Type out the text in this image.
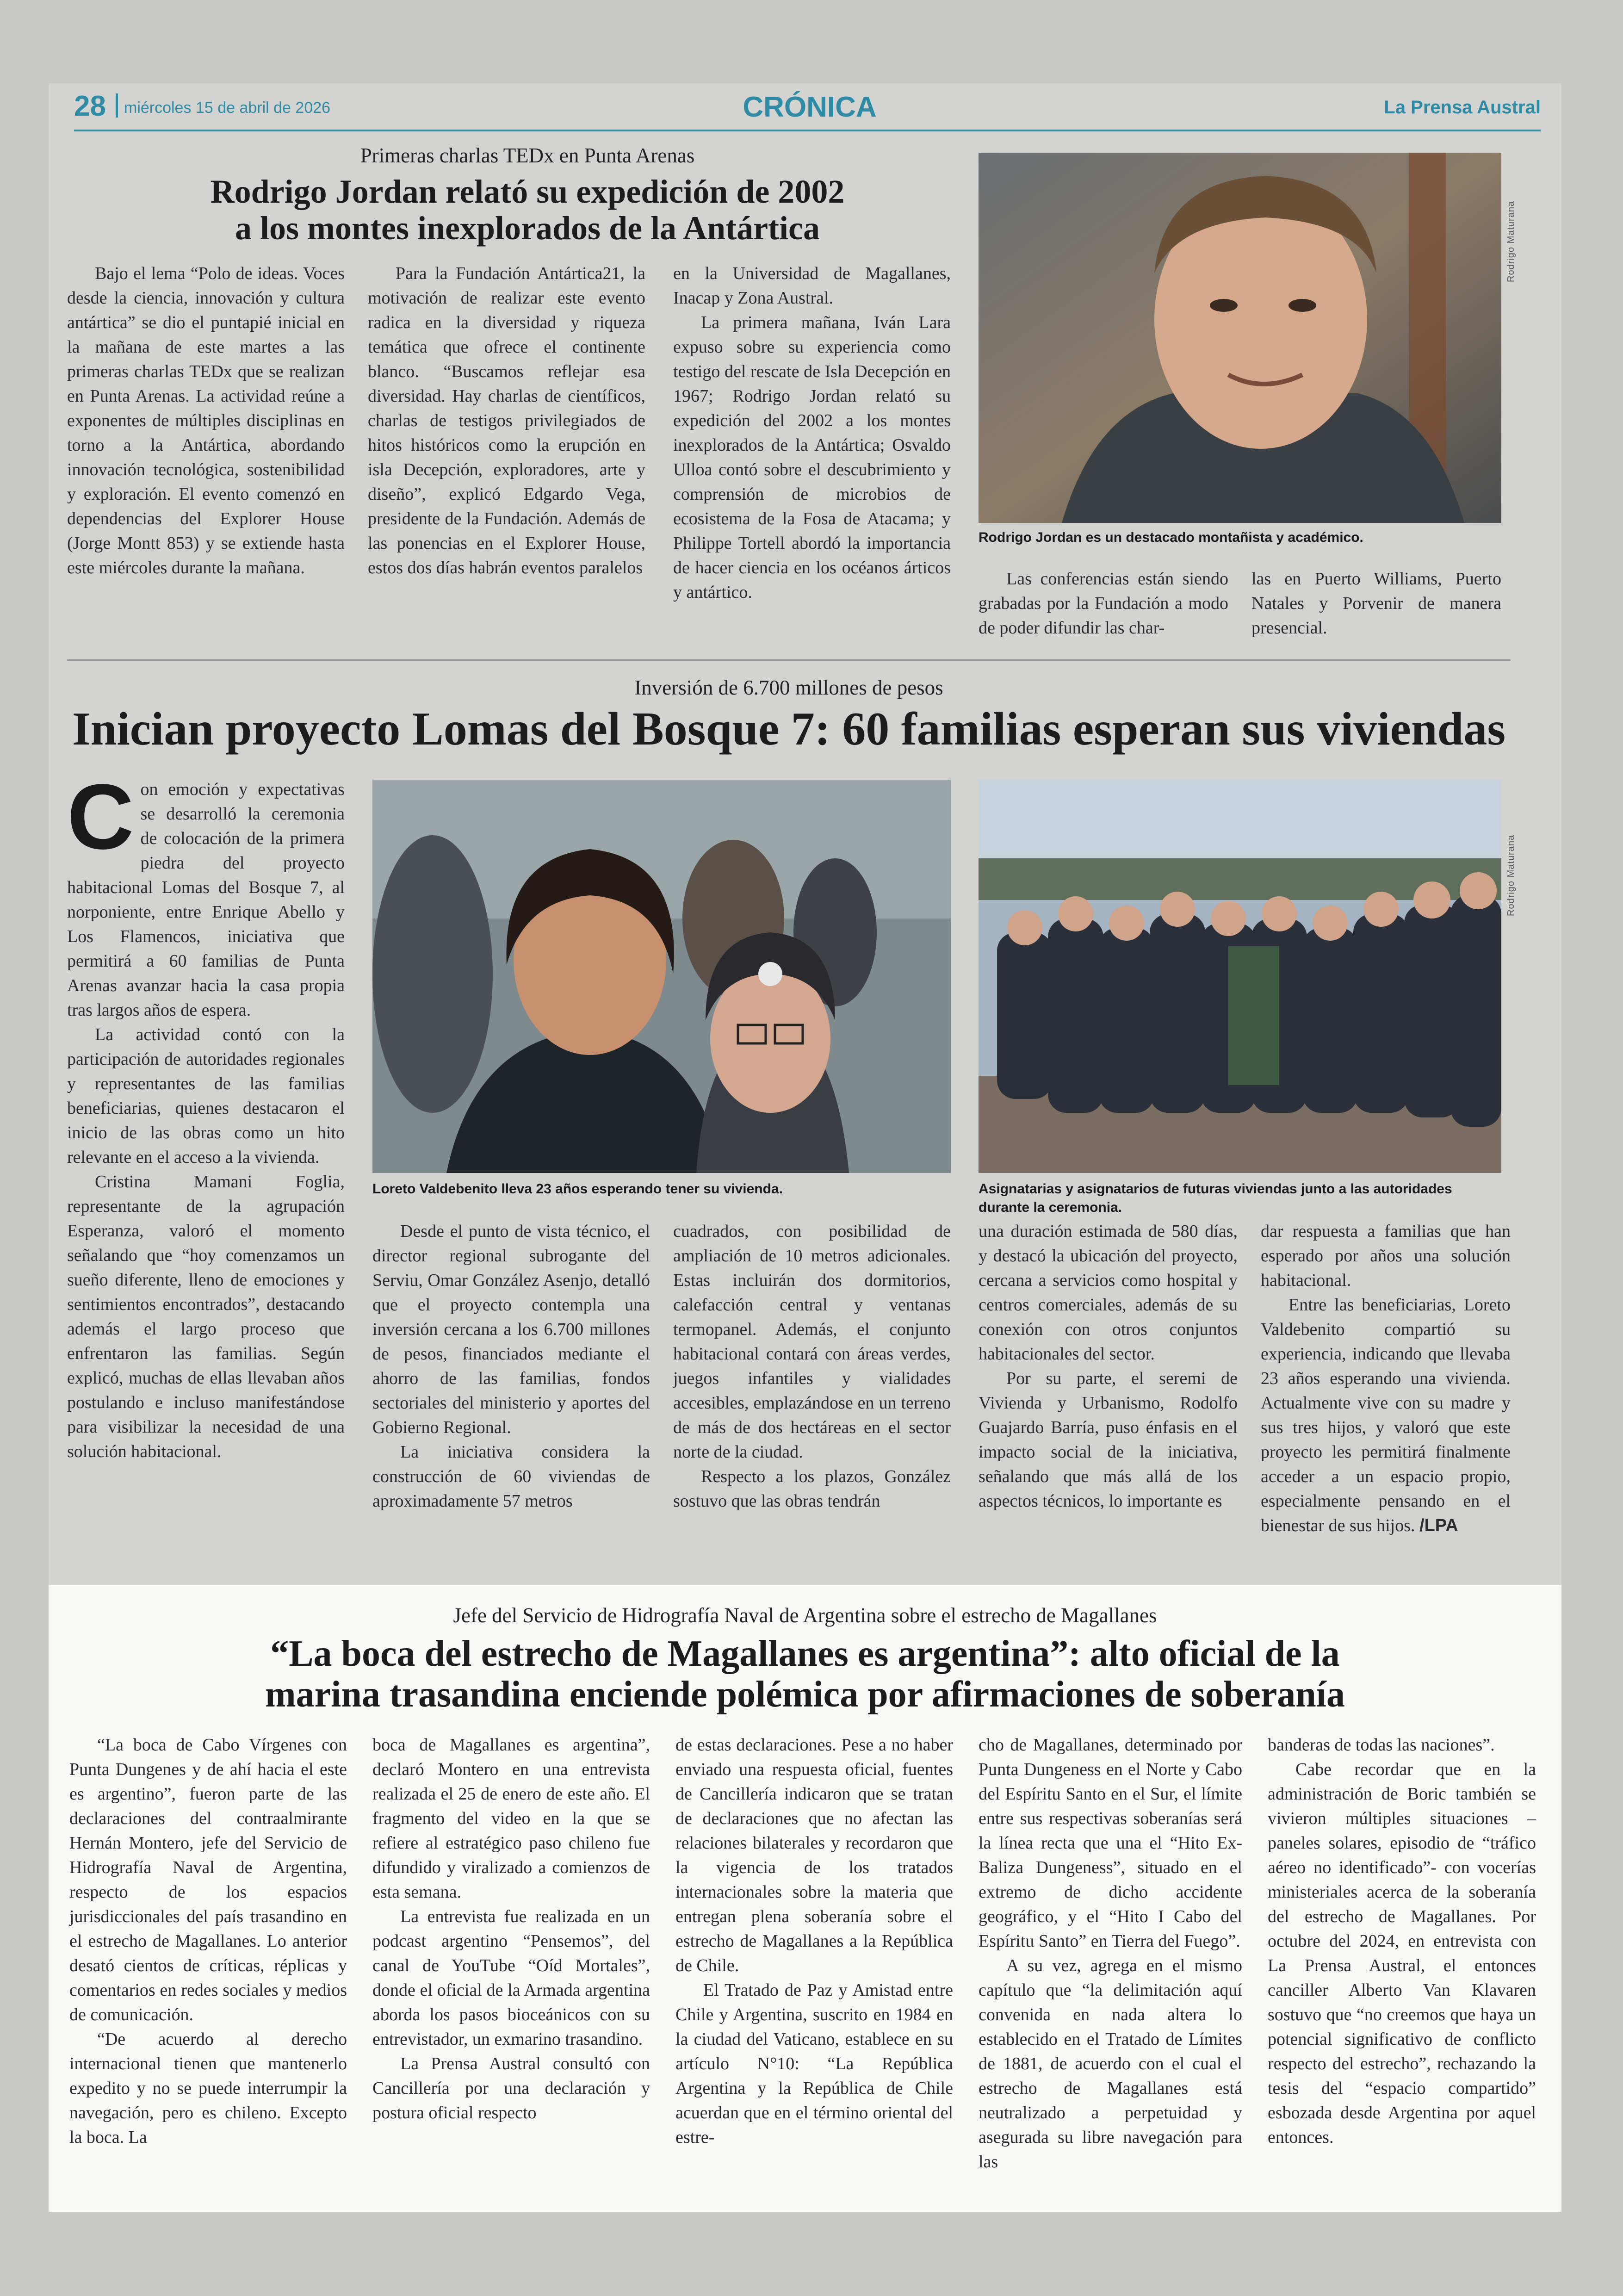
28 miércoles 15 de abril de 2026	CRÓNICA	La Prensa Austral
Primeras charlas TEDx en Punta Arenas
Rodrigo Jordan relató su expedición de 2002
a los montes inexplorados de la Antártica

Bajo el lema “Polo de ideas. Voces desde la ciencia, innovación y cultura antártica” se dio el puntapié inicial en la mañana de este martes a las primeras charlas TEDx que se realizan en Punta Arenas. La actividad reúne a exponentes de múltiples disciplinas en torno a la Antártica, abordando innovación tecnológica, sostenibilidad y exploración. El evento comenzó en dependencias del Explorer House (Jorge Montt 853) y se extiende hasta este miércoles durante la mañana.

Para la Fundación Antártica21, la motivación de realizar este evento radica en la diversidad y riqueza temática que ofrece el continente blanco. “Buscamos reflejar esa diversidad. Hay charlas de científicos, charlas de testigos privilegiados de hitos históricos como la erupción en isla Decepción, exploradores, arte y diseño”, explicó Edgardo Vega, presidente de la Fundación. Además de las ponencias en el Explorer House, estos dos días habrán eventos paralelos

en la Universidad de Magallanes, Inacap y Zona Austral.

La primera mañana, Iván Lara expuso sobre su experiencia como testigo del rescate de Isla Decepción en 1967; Rodrigo Jordan relató su expedición del 2002 a los montes inexplorados de la Antártica; Osvaldo Ulloa contó sobre el descubrimiento y comprensión de microbios de ecosistema de la Fosa de Atacama; y Philippe Tortell abordó la importancia de hacer ciencia en los océanos árticos y antártico.

Rodrigo Maturana
Rodrigo Jordan es un destacado montañista y académico.

Las conferencias están siendo grabadas por la Fundación a modo de poder difundir las char-

las en Puerto Williams, Puerto Natales y Porvenir de manera presencial.

Inversión de 6.700 millones de pesos
Inician proyecto Lomas del Bosque 7: 60 familias esperan sus viviendas

Con emoción y expectativas se desarrolló la ceremonia de colocación de la primera piedra del proyecto habitacional Lomas del Bosque 7, al norponiente, entre Enrique Abello y Los Flamencos, iniciativa que permitirá a 60 familias de Punta Arenas avanzar hacia la casa propia tras largos años de espera.

La actividad contó con la participación de autoridades regionales y representantes de las familias beneficiarias, quienes destacaron el inicio de las obras como un hito relevante en el acceso a la vivienda.

Cristina Mamani Foglia, representante de la agrupación Esperanza, valoró el momento señalando que “hoy comenzamos un sueño diferente, lleno de emociones y sentimientos encontrados”, destacando además el largo proceso que enfrentaron las familias. Según explicó, muchas de ellas llevaban años postulando e incluso manifestándose para visibilizar la necesidad de una solución habitacional.

Loreto Valdebenito lleva 23 años esperando tener su vivienda.
Rodrigo Maturana
Asignatarias y asignatarios de futuras viviendas junto a las autoridades durante la ceremonia.

Desde el punto de vista técnico, el director regional subrogante del Serviu, Omar González Asenjo, detalló que el proyecto contempla una inversión cercana a los 6.700 millones de pesos, financiados mediante el ahorro de las familias, fondos sectoriales del ministerio y aportes del Gobierno Regional.

La iniciativa considera la construcción de 60 viviendas de aproximadamente 57 metros

cuadrados, con posibilidad de ampliación de 10 metros adicionales. Estas incluirán dos dormitorios, calefacción central y ventanas termopanel. Además, el conjunto habitacional contará con áreas verdes, juegos infantiles y vialidades accesibles, emplazándose en un terreno de más de dos hectáreas en el sector norte de la ciudad.

Respecto a los plazos, González sostuvo que las obras tendrán

una duración estimada de 580 días, y destacó la ubicación del proyecto, cercana a servicios como hospital y centros comerciales, además de su conexión con otros conjuntos habitacionales del sector.

Por su parte, el seremi de Vivienda y Urbanismo, Rodolfo Guajardo Barría, puso énfasis en el impacto social de la iniciativa, señalando que más allá de los aspectos técnicos, lo importante es

dar respuesta a familias que han esperado por años una solución habitacional.

Entre las beneficiarias, Loreto Valdebenito compartió su experiencia, indicando que llevaba 23 años esperando una vivienda. Actualmente vive con su madre y sus tres hijos, y valoró que este proyecto les permitirá finalmente acceder a un espacio propio, especialmente pensando en el bienestar de sus hijos. /LPA

Jefe del Servicio de Hidrografía Naval de Argentina sobre el estrecho de Magallanes
“La boca del estrecho de Magallanes es argentina”: alto oficial de la
marina trasandina enciende polémica por afirmaciones de soberanía

“La boca de Cabo Vírgenes con Punta Dungenes y de ahí hacia el este es argentino”, fueron parte de las declaraciones del contraalmirante Hernán Montero, jefe del Servicio de Hidrografía Naval de Argentina, respecto de los espacios jurisdiccionales del país trasandino en el estrecho de Magallanes. Lo anterior desató cientos de críticas, réplicas y comentarios en redes sociales y medios de comunicación.

“De acuerdo al derecho internacional tienen que mantenerlo expedito y no se puede interrumpir la navegación, pero es chileno. Excepto la boca. La

boca de Magallanes es argentina”, declaró Montero en una entrevista realizada el 25 de enero de este año. El fragmento del video en la que se refiere al estratégico paso chileno fue difundido y viralizado a comienzos de esta semana.

La entrevista fue realizada en un podcast argentino “Pensemos”, del canal de YouTube “Oíd Mortales”, donde el oficial de la Armada argentina aborda los pasos bioceánicos con su entrevistador, un exmarino trasandino.

La Prensa Austral consultó con Cancillería por una declaración y postura oficial respecto

de estas declaraciones. Pese a no haber enviado una respuesta oficial, fuentes de Cancillería indicaron que se tratan de declaraciones que no afectan las relaciones bilaterales y recordaron que la vigencia de los tratados internacionales sobre la materia que entregan plena soberanía sobre el estrecho de Magallanes a la República de Chile.

El Tratado de Paz y Amistad entre Chile y Argentina, suscrito en 1984 en la ciudad del Vaticano, establece en su artículo N°10: “La República Argentina y la República de Chile acuerdan que en el término oriental del estre-

cho de Magallanes, determinado por Punta Dungeness en el Norte y Cabo del Espíritu Santo en el Sur, el límite entre sus respectivas soberanías será la línea recta que una el “Hito Ex-Baliza Dungeness”, situado en el extremo de dicho accidente geográfico, y el “Hito I Cabo del Espíritu Santo” en Tierra del Fuego”.

A su vez, agrega en el mismo capítulo que “la delimitación aquí convenida en nada altera lo establecido en el Tratado de Límites de 1881, de acuerdo con el cual el estrecho de Magallanes está neutralizado a perpetuidad y asegurada su libre navegación para las

banderas de todas las naciones”.

Cabe recordar que en la administración de Boric también se vivieron múltiples situaciones – paneles solares, episodio de “tráfico aéreo no identificado”- con vocerías ministeriales acerca de la soberanía del estrecho de Magallanes. Por octubre del 2024, en entrevista con La Prensa Austral, el entonces canciller Alberto Van Klavaren sostuvo que “no creemos que haya un potencial significativo de conflicto respecto del estrecho”, rechazando la tesis del “espacio compartido” esbozada desde Argentina por aquel entonces.
